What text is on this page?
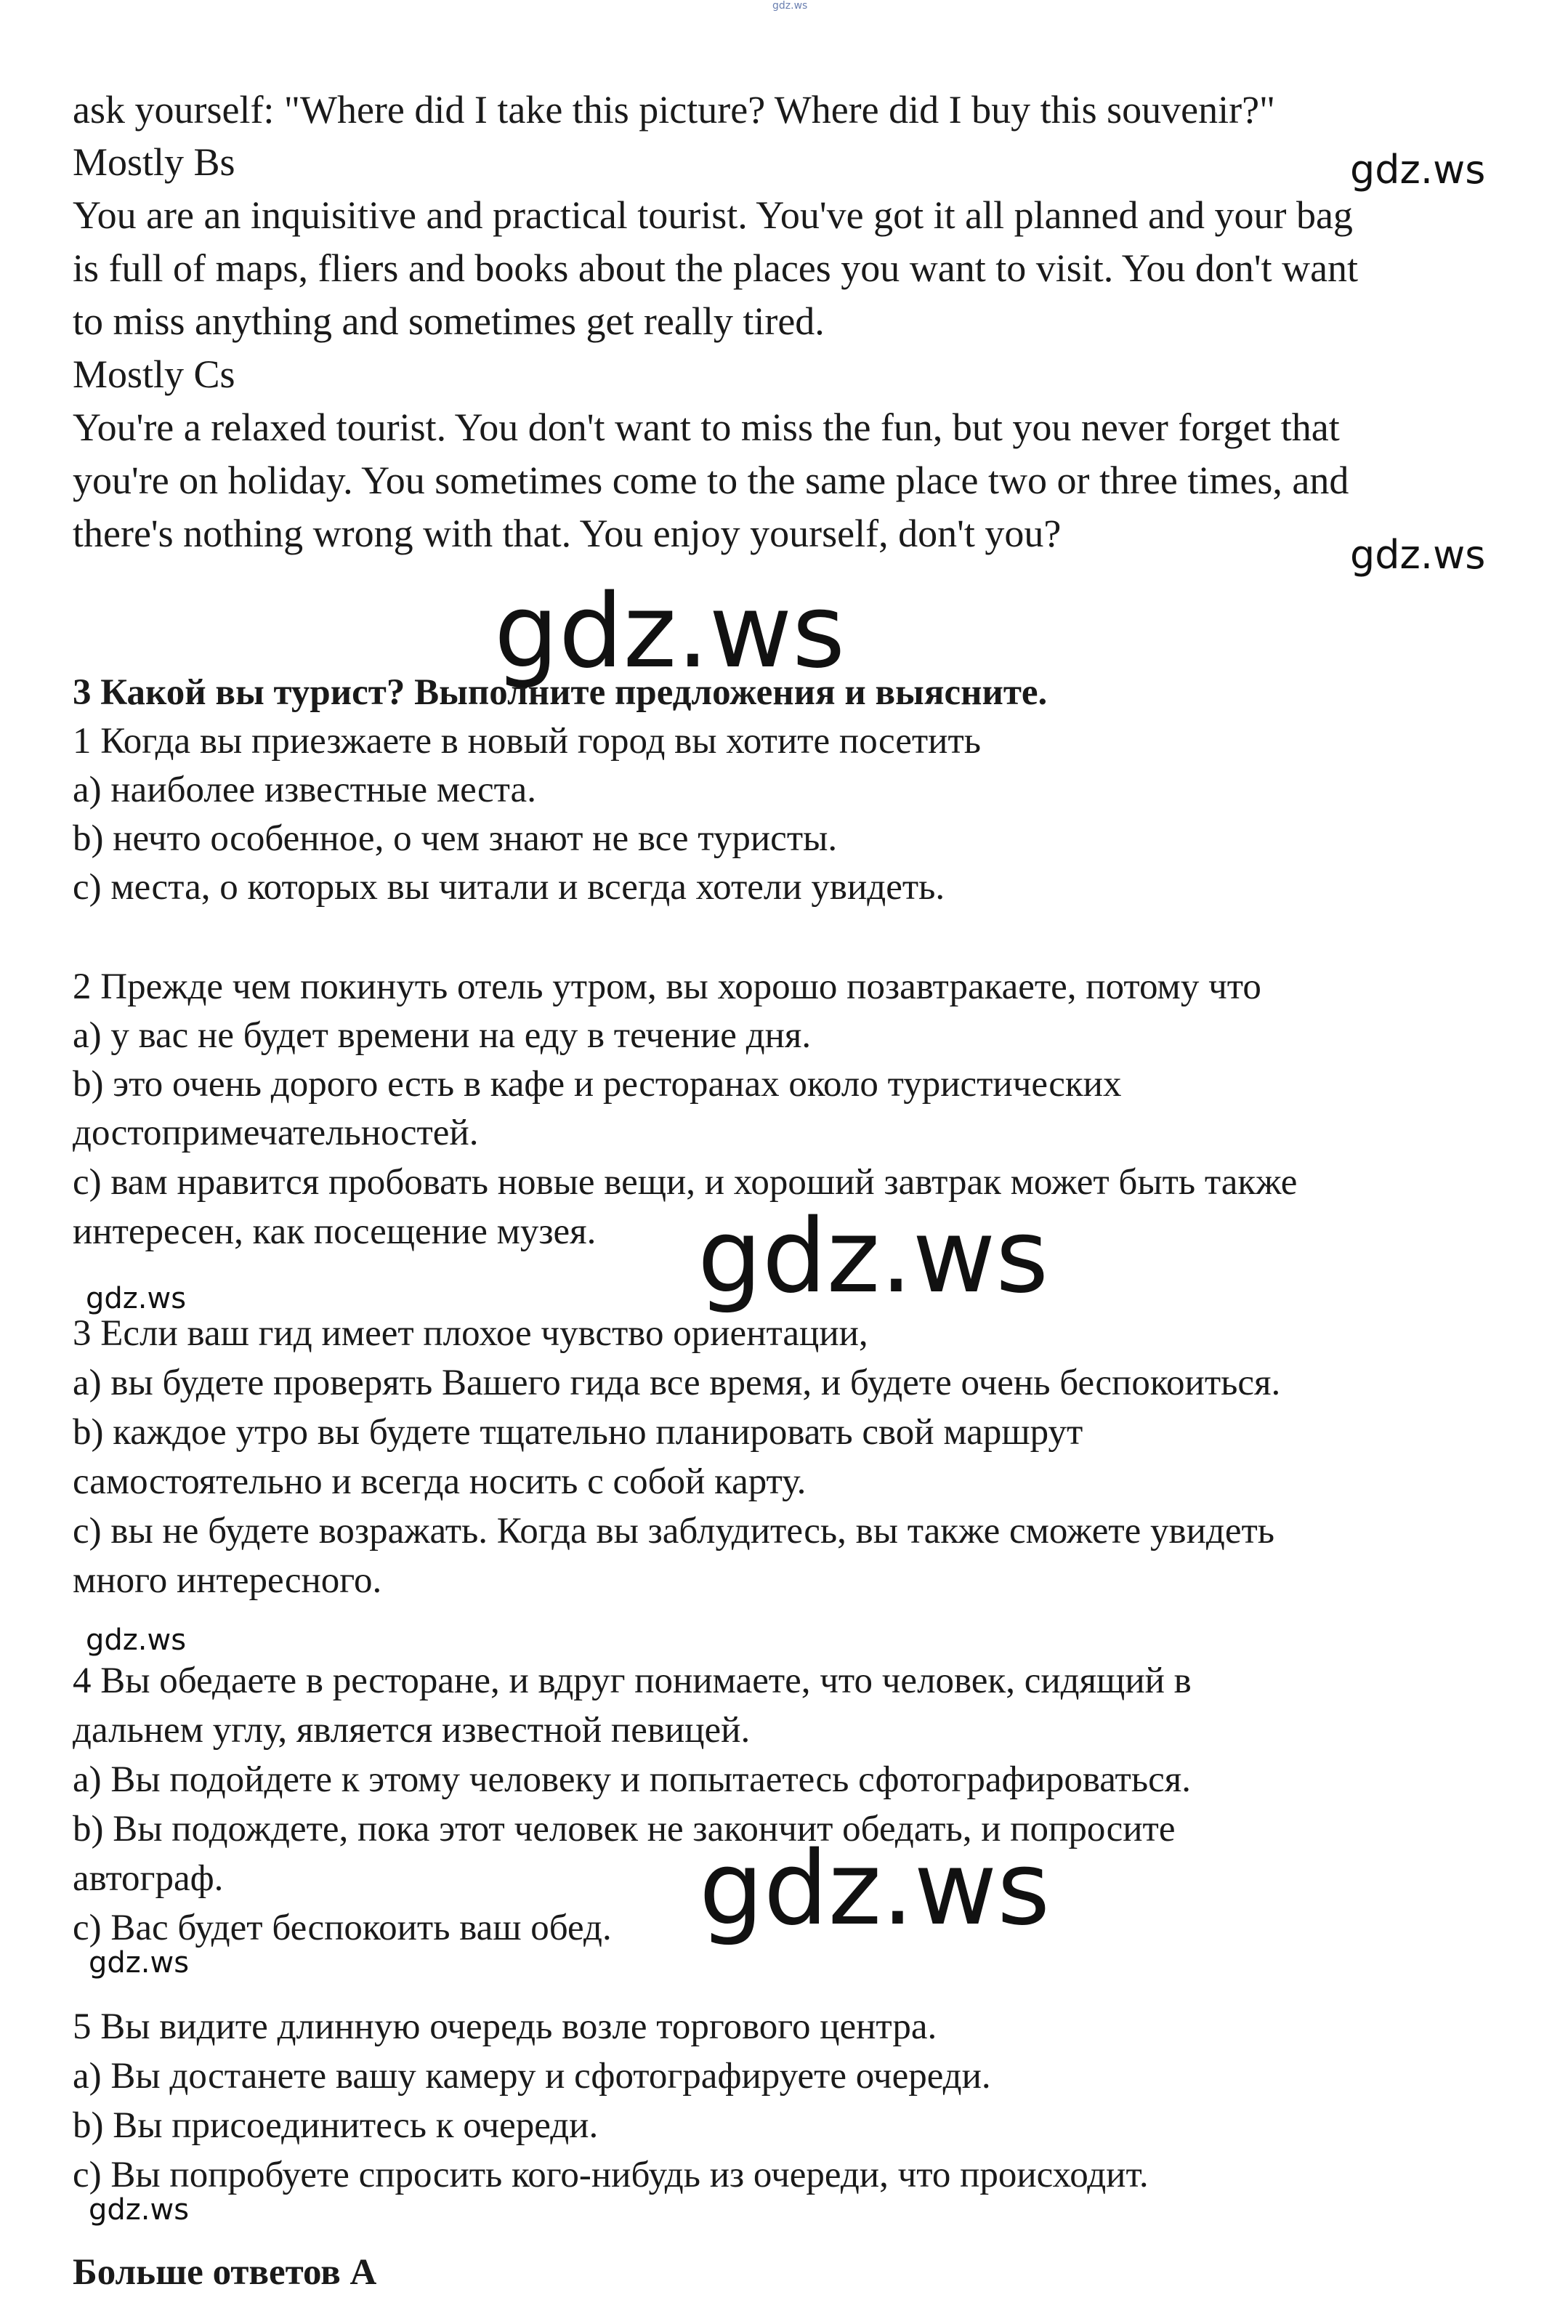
gdz.ws

ask yourself: "Where did I take this picture? Where did I buy this souvenir?"

Mostly Bs

You are an inquisitive and practical tourist. You've got it all planned and your bag

is full of maps, fliers and books about the places you want to visit. You don't want

to miss anything and sometimes get really tired.

Mostly Cs

You're a relaxed tourist. You don't want to miss the fun, but you never forget that

you're on holiday. You sometimes come to the same place two or three times, and

there's nothing wrong with that. You enjoy yourself, don't you?

3 Какой вы турист? Выполните предложения и выясните.

1 Когда вы приезжаете в новый город вы хотите посетить

a) наиболее известные места.

b) нечто особенное, о чем знают не все туристы.

c) места, о которых вы читали и всегда хотели увидеть.

2 Прежде чем покинуть отель утром, вы хорошо позавтракаете, потому что

a) у вас не будет времени на еду в течение дня.

b) это очень дорого есть в кафе и ресторанах около туристических

достопримечательностей.

c) вам нравится пробовать новые вещи, и хороший завтрак может быть также

интересен, как посещение музея.

3 Если ваш гид имеет плохое чувство ориентации,

a) вы будете проверять Вашего гида все время, и будете очень беспокоиться.

b) каждое утро вы будете тщательно планировать свой маршрут

самостоятельно и всегда носить с собой карту.

c) вы не будете возражать. Когда вы заблудитесь, вы также сможете увидеть

много интересного.

4 Вы обедаете в ресторане, и вдруг понимаете, что человек, сидящий в

дальнем углу, является известной певицей.

a) Вы подойдете к этому человеку и попытаетесь сфотографироваться.

b) Вы подождете, пока этот человек не закончит обедать, и попросите

автограф.

c) Вас будет беспокоить ваш обед.

5 Вы видите длинную очередь возле торгового центра.

a) Вы достанете вашу камеру и сфотографируете очереди.

b) Вы присоединитесь к очереди.

c) Вы попробуете спросить кого-нибудь из очереди, что происходит.

Больше ответов А

gdz.ws
gdz.ws
gdz.ws
gdz.ws
gdz.ws
gdz.ws
gdz.ws
gdz.ws
gdz.ws
